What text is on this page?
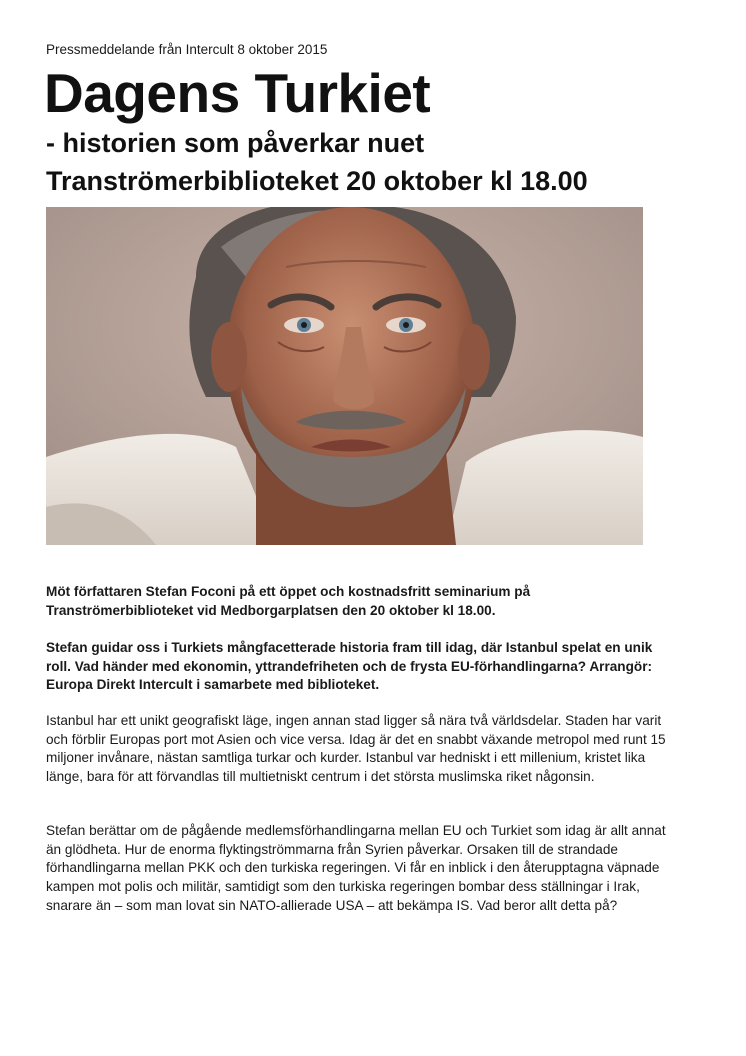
Pressmeddelande från Intercult 8 oktober 2015
Dagens Turkiet
- historien som påverkar nuet
Tranströmerbiblioteket 20 oktober kl 18.00
Möt författaren Stefan Foconi på ett öppet och kostnadsfritt seminarium på Tranströmerbiblioteket vid Medborgarplatsen den 20 oktober kl 18.00.
Stefan guidar oss i Turkiets mångfacetterade historia fram till idag, där Istanbul spelat en unik roll. Vad händer med ekonomin, yttrandefriheten och de frysta EU-förhandlingarna? Arrangör: Europa Direkt Intercult i samarbete med biblioteket.
Istanbul har ett unikt geografiskt läge, ingen annan stad ligger så nära två världsdelar. Staden har varit och förblir Europas port mot Asien och vice versa. Idag är det en snabbt växande metropol med runt 15 miljoner invånare, nästan samtliga turkar och kurder. Istanbul var hedniskt i ett millenium, kristet lika länge, bara för att förvandlas till multietniskt centrum i det största muslimska riket någonsin.
Stefan berättar om de pågående medlemsförhandlingarna mellan EU och Turkiet som idag är allt annat än glödheta. Hur de enorma flyktingströmmarna från Syrien påverkar. Orsaken till de strandade förhandlingarna mellan PKK och den turkiska regeringen. Vi får en inblick i den återupptagna väpnade kampen mot polis och militär, samtidigt som den turkiska regeringen bombar dess ställningar i Irak, snarare än – som man lovat sin NATO-allierade USA – att bekämpa IS. Vad beror allt detta på?
